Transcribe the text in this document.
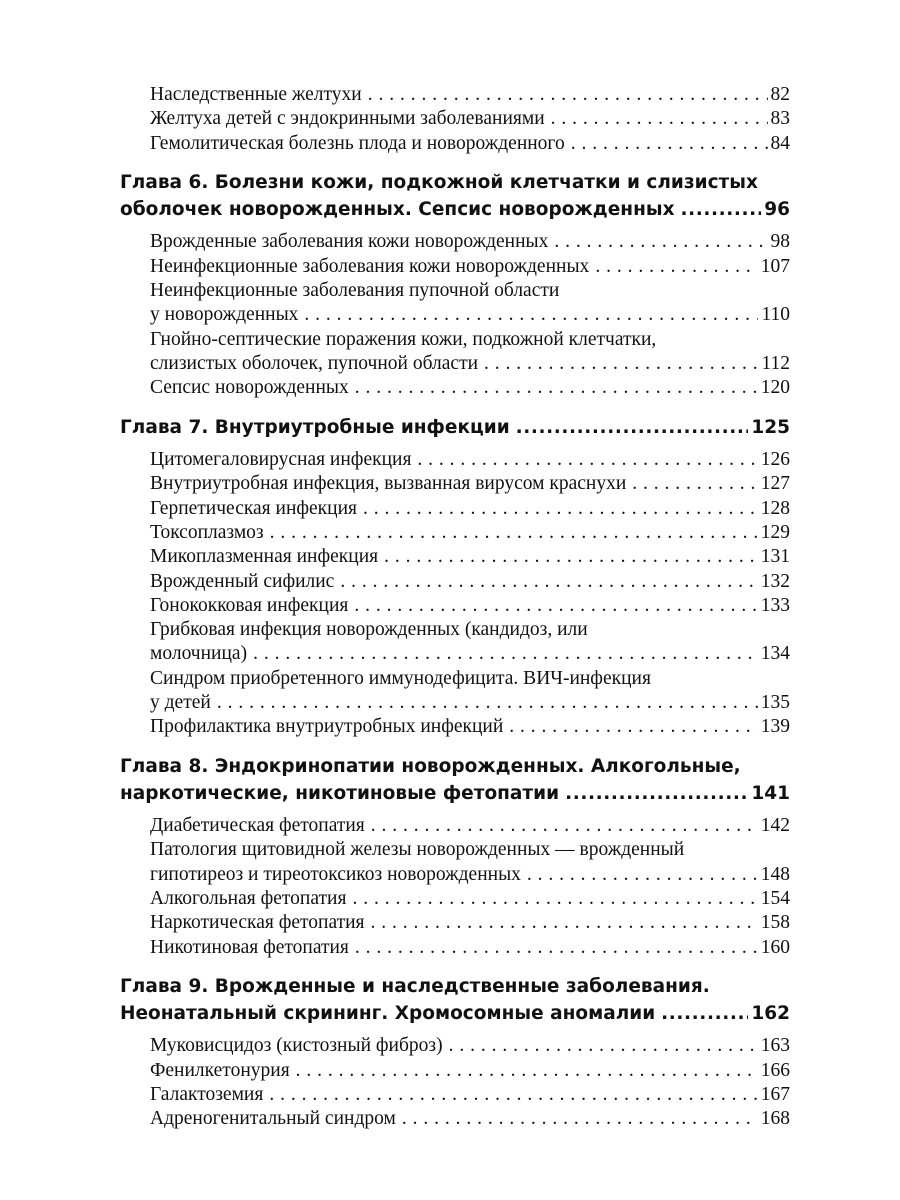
Наследственные желтухи . . .	82
Желтуха детей с эндокринными заболеваниями . . .	83
Гемолитическая болезнь плода и новорожденного . . .	84
Глава 6. Болезни кожи, подкожной клетчатки и слизистых
оболочек новорожденных. Сепсис новорожденных .....	96
Врожденные заболевания кожи новорожденных . . .	98
Неинфекционные заболевания кожи новорожденных . . .	107
Неинфекционные заболевания пупочной области
у новорожденных . . .	110
Гнойно-септические поражения кожи, подкожной клетчатки,
слизистых оболочек, пупочной области . . .	112
Сепсис новорожденных . . .	120
Глава 7. Внутриутробные инфекции .....	125
Цитомегаловирусная инфекция . . .	126
Внутриутробная инфекция, вызванная вирусом краснухи . . .	127
Герпетическая инфекция . . .	128
Токсоплазмоз . . .	129
Микоплазменная инфекция . . .	131
Врожденный сифилис . . .	132
Гонококковая инфекция . . .	133
Грибковая инфекция новорожденных (кандидоз, или
молочница) . . .	134
Синдром приобретенного иммунодефицита. ВИЧ-инфекция
у детей . . .	135
Профилактика внутриутробных инфекций . . .	139
Глава 8. Эндокринопатии новорожденных. Алкогольные,
наркотические, никотиновые фетопатии .....	141
Диабетическая фетопатия . . .	142
Патология щитовидной железы новорожденных — врожденный
гипотиреоз и тиреотоксикоз новорожденных . . .	148
Алкогольная фетопатия . . .	154
Наркотическая фетопатия . . .	158
Никотиновая фетопатия . . .	160
Глава 9. Врожденные и наследственные заболевания.
Неонатальный скрининг. Хромосомные аномалии .....	162
Муковисцидоз (кистозный фиброз) . . .	163
Фенилкетонурия . . .	166
Галактоземия . . .	167
Адреногенитальный синдром . . .	168
